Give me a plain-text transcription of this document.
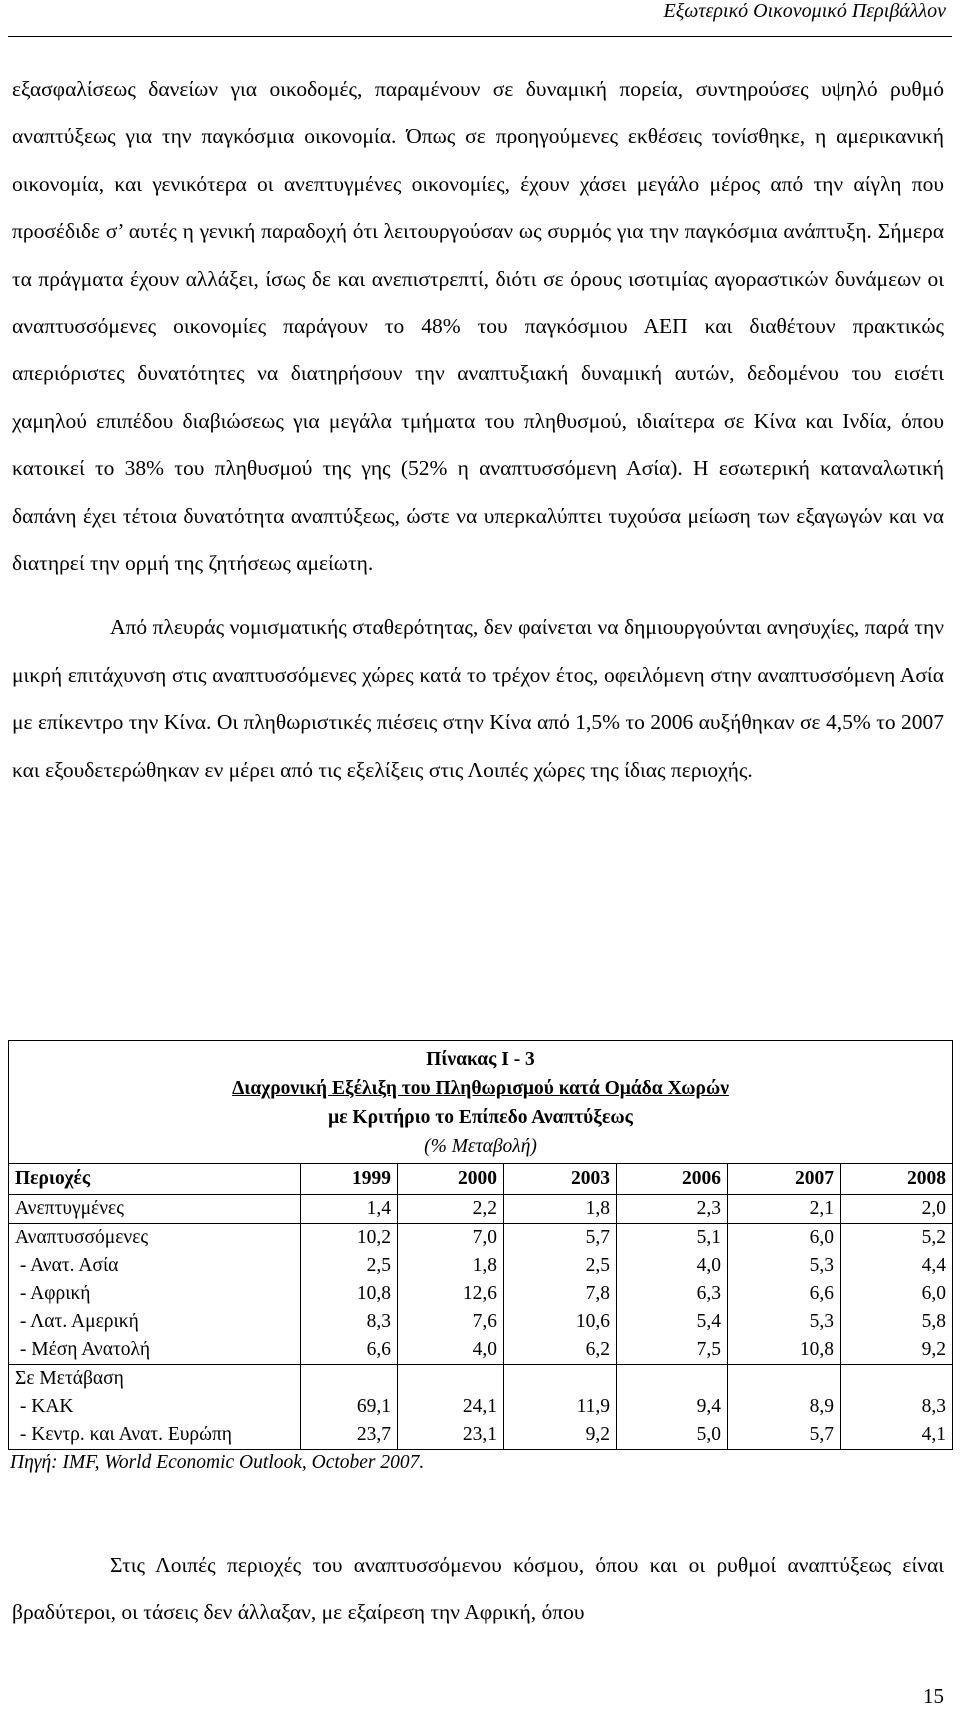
Εξωτερικό Οικονομικό Περιβάλλον

εξασφαλίσεως δανείων για οικοδομές, παραμένουν σε δυναμική πορεία, συντηρούσες υψηλό ρυθμό αναπτύξεως για την παγκόσμια οικονομία. Όπως σε προηγούμενες εκθέσεις τονίσθηκε, η αμερικανική οικονομία, και γενικότερα οι ανεπτυγμένες οικονομίες, έχουν χάσει μεγάλο μέρος από την αίγλη που προσέδιδε σ’ αυτές η γενική παραδοχή ότι λειτουργούσαν ως συρμός για την παγκόσμια ανάπτυξη. Σήμερα τα πράγματα έχουν αλλάξει, ίσως δε και ανεπιστρεπτί, διότι σε όρους ισοτιμίας αγοραστικών δυνάμεων οι αναπτυσσόμενες οικονομίες παράγουν το 48% του παγκόσμιου ΑΕΠ και διαθέτουν πρακτικώς απεριόριστες δυνατότητες να διατηρήσουν την αναπτυξιακή δυναμική αυτών, δεδομένου του εισέτι χαμηλού επιπέδου διαβιώσεως για μεγάλα τμήματα του πληθυσμού, ιδιαίτερα σε Κίνα και Ινδία, όπου κατοικεί το 38% του πληθυσμού της γης (52% η αναπτυσσόμενη Ασία). Η εσωτερική καταναλωτική δαπάνη έχει τέτοια δυνατότητα αναπτύξεως, ώστε να υπερκαλύπτει τυχούσα μείωση των εξαγωγών και να διατηρεί την ορμή της ζητήσεως αμείωτη.

Από πλευράς νομισματικής σταθερότητας, δεν φαίνεται να δημιουργούνται ανησυχίες, παρά την μικρή επιτάχυνση στις αναπτυσσόμενες χώρες κατά το τρέχον έτος, οφειλόμενη στην αναπτυσσόμενη Ασία με επίκεντρο την Κίνα. Οι πληθωριστικές πιέσεις στην Κίνα από 1,5% το 2006 αυξήθηκαν σε 4,5% το 2007 και εξουδετερώθηκαν εν μέρει από τις εξελίξεις στις Λοιπές χώρες της ίδιας περιοχής.

Πίνακας Ι - 3
Διαχρονική Εξέλιξη του Πληθωρισμού κατά Ομάδα Χωρών
με Κριτήριο το Επίπεδο Αναπτύξεως
(% Μεταβολή)						

Περιοχές	1999	2000	2003	2006	2007	2008
Ανεπτυγμένες	1,4	2,2	1,8	2,3	2,1	2,0
Αναπτυσσόμενες	10,2	7,0	5,7	5,1	6,0	5,2
- Ανατ. Ασία	2,5	1,8	2,5	4,0	5,3	4,4
- Αφρική	10,8	12,6	7,8	6,3	6,6	6,0
- Λατ. Αμερική	8,3	7,6	10,6	5,4	5,3	5,8
- Μέση Ανατολή	6,6	4,0	6,2	7,5	10,8	9,2
Σε Μετάβαση						
- ΚΑΚ	69,1	24,1	11,9	9,4	8,9	8,3
- Κεντρ. και Ανατ. Ευρώπη	23,7	23,1	9,2	5,0	5,7	4,1
Πηγή: IMF, World Economic Outlook, October 2007.

Στις Λοιπές περιοχές του αναπτυσσόμενου κόσμου, όπου και οι ρυθμοί αναπτύξεως είναι βραδύτεροι, οι τάσεις δεν άλλαξαν, με εξαίρεση την Αφρική, όπου

15
